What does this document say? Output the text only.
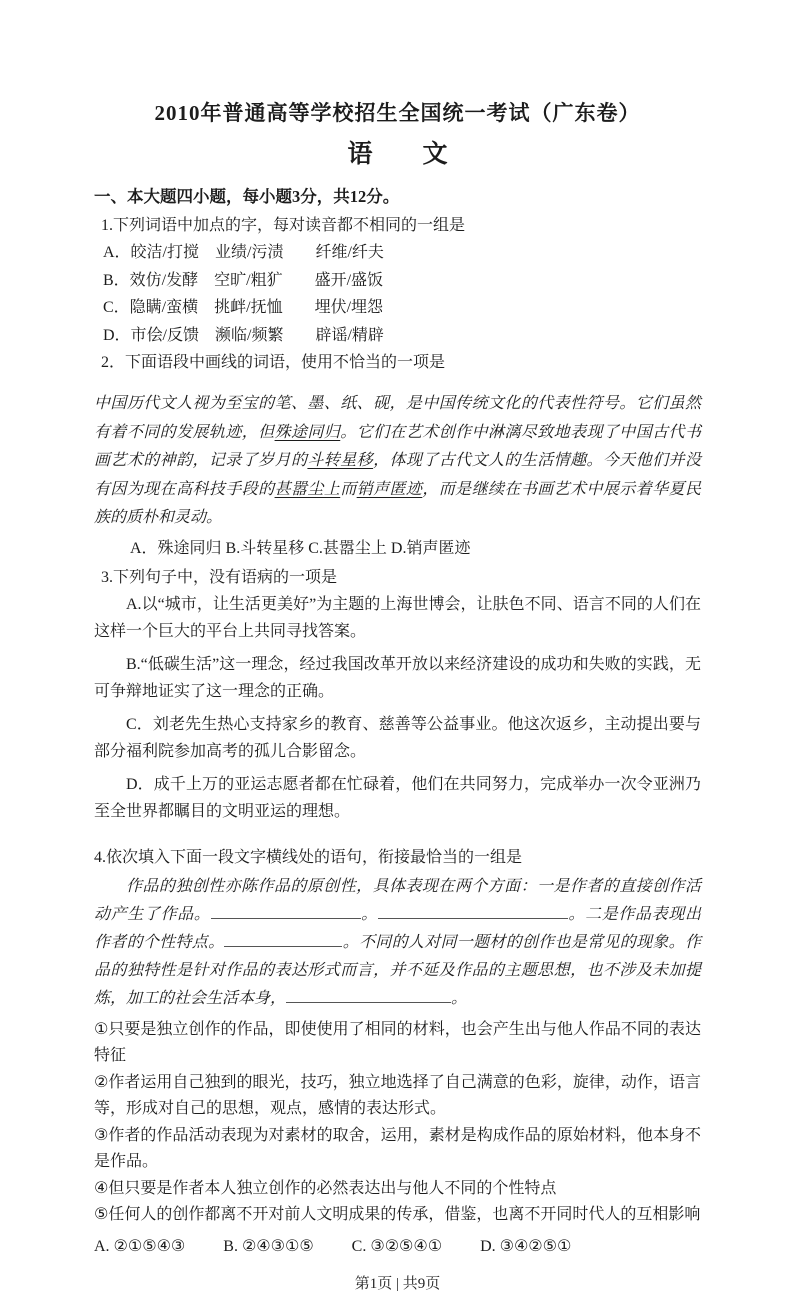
2010年普通高等学校招生全国统一考试（广东卷）
语　　文
一、本大题四小题，每小题3分，共12分。
1.下列词语中加点的字，每对读音都不相同的一组是
A．皎洁/打搅　业绩/污渍　　纤维/纤夫
B．效仿/发酵　空旷/粗犷　　盛开/盛饭
C．隐瞒/蛮横　挑衅/抚恤　　埋伏/埋怨
D．市侩/反馈　濒临/频繁　　辟谣/精辟
2．下面语段中画线的词语，使用不恰当的一项是

中国历代文人视为至宝的笔、墨、纸、砚，是中国传统文化的代表性符号。它们虽然有着不同的发展轨迹，但殊途同归。它们在艺术创作中淋漓尽致地表现了中国古代书画艺术的神韵，记录了岁月的斗转星移，体现了古代文人的生活情趣。今天他们并没有因为现在高科技手段的甚嚣尘上而销声匿迹，而是继续在书画艺术中展示着华夏民族的质朴和灵动。

A．殊途同归 B.斗转星移 C.甚嚣尘上 D.销声匿迹
3.下列句子中，没有语病的一项是

A.以“城市，让生活更美好”为主题的上海世博会，让肤色不同、语言不同的人们在这样一个巨大的平台上共同寻找答案。

B.“低碳生活”这一理念，经过我国改革开放以来经济建设的成功和失败的实践，无可争辩地证实了这一理念的正确。

C．刘老先生热心支持家乡的教育、慈善等公益事业。他这次返乡，主动提出要与部分福利院参加高考的孤儿合影留念。

D．成千上万的亚运志愿者都在忙碌着，他们在共同努力，完成举办一次令亚洲乃至全世界都瞩目的文明亚运的理想。

4.依次填入下面一段文字横线处的语句，衔接最恰当的一组是

作品的独创性亦陈作品的原创性，具体表现在两个方面：一是作者的直接创作活动产生了作品。	。	。二是作品表现出作者的个性特点。	。不同的人对同一题材的创作也是常见的现象。作品的独特性是针对作品的表达形式而言，并不延及作品的主题思想，也不涉及未加提炼，加工的社会生活本身，	。

①只要是独立创作的作品，即使使用了相同的材料，也会产生出与他人作品不同的表达特征
②作者运用自己独到的眼光，技巧，独立地选择了自己满意的色彩，旋律，动作，语言等，形成对自己的思想，观点，感情的表达形式。
③作者的作品活动表现为对素材的取舍，运用，素材是构成作品的原始材料，他本身不是作品。
④但只要是作者本人独立创作的必然表达出与他人不同的个性特点
⑤任何人的创作都离不开对前人文明成果的传承，借鉴，也离不开同时代人的互相影响
A. ②①⑤④③ B. ②④③①⑤ C. ③②⑤④① D. ③④②⑤①
第1页 | 共9页
